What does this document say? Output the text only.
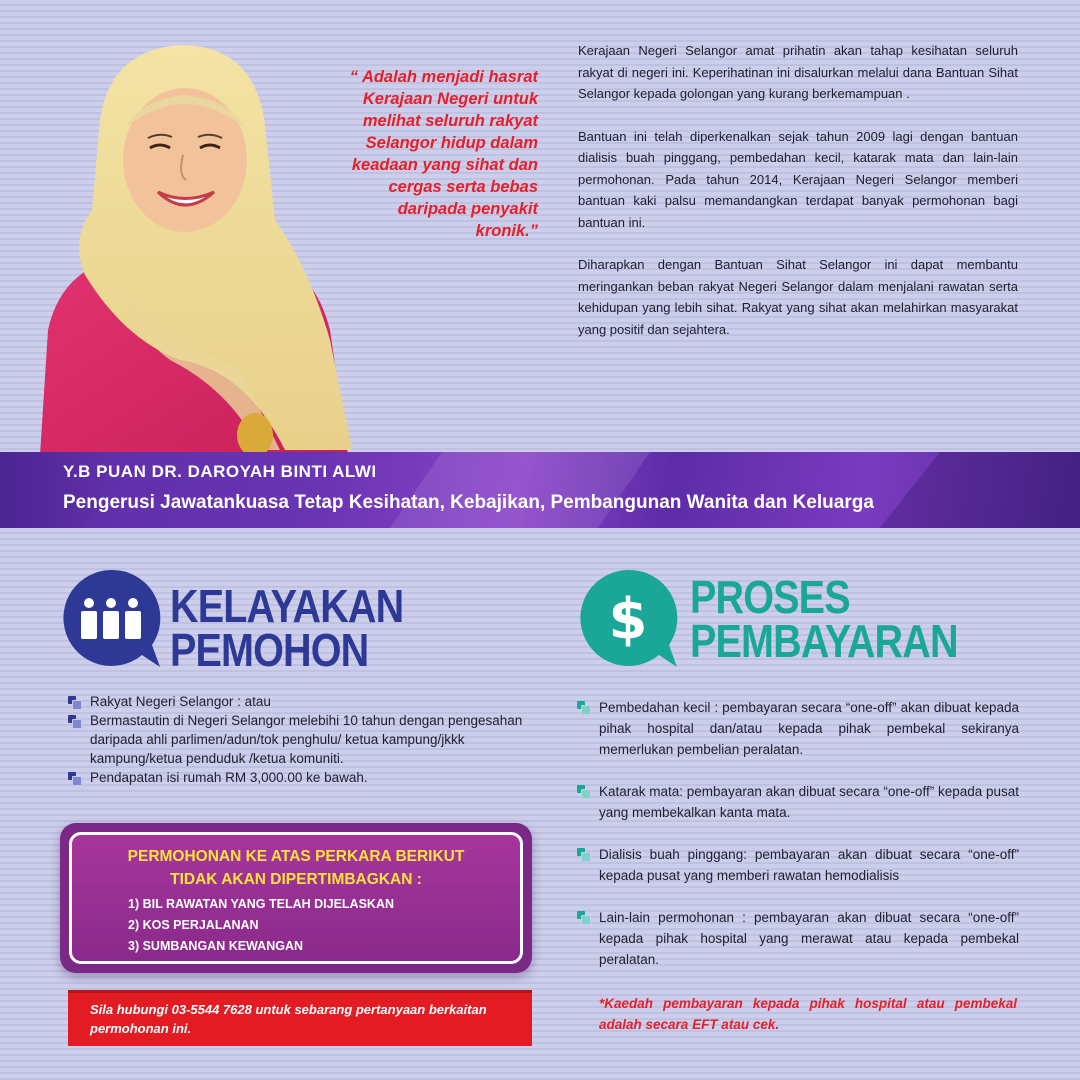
“ Adalah menjadi hasrat Kerajaan Negeri untuk melihat seluruh rakyat Selangor hidup dalam keadaan yang sihat dan cergas serta bebas daripada penyakit kronik.”

Kerajaan Negeri Selangor amat prihatin akan tahap kesihatan seluruh rakyat di negeri ini. Keperihatinan ini disalurkan melalui dana Bantuan Sihat Selangor kepada golongan yang kurang berkemampuan .

Bantuan ini telah diperkenalkan sejak tahun 2009 lagi dengan bantuan dialisis buah pinggang, pembedahan kecil, katarak mata dan lain-lain permohonan. Pada tahun 2014, Kerajaan Negeri Selangor memberi bantuan kaki palsu memandangkan terdapat banyak permohonan bagi bantuan ini.

Diharapkan dengan Bantuan Sihat Selangor ini dapat membantu meringankan beban rakyat Negeri Selangor dalam menjalani rawatan serta kehidupan yang lebih sihat. Rakyat yang sihat akan melahirkan masyarakat yang positif dan sejahtera.

Y.B PUAN DR. DAROYAH BINTI ALWI
Pengerusi Jawatankuasa Tetap Kesihatan, Kebajikan, Pembangunan Wanita dan Keluarga
KELAYAKAN
PEMOHON
Rakyat Negeri Selangor : atau
Bermastautin di Negeri Selangor melebihi 10 tahun dengan pengesahan daripada ahli parlimen/adun/tok penghulu/ ketua kampung/jkkk kampung/ketua penduduk /ketua komuniti.
Pendapatan isi rumah RM 3,000.00 ke bawah.
PERMOHONAN KE ATAS PERKARA BERIKUT
TIDAK AKAN DIPERTIMBAGKAN :
1) BIL RAWATAN YANG TELAH DIJELASKAN
2) KOS PERJALANAN
3) SUMBANGAN KEWANGAN
Sila hubungi 03-5544 7628 untuk sebarang pertanyaan berkaitan permohonan ini.
$ PROSES
PEMBAYARAN
Pembedahan kecil : pembayaran secara “one-off” akan dibuat kepada pihak hospital dan/atau kepada pihak pembekal sekiranya memerlukan pembelian peralatan.
Katarak mata: pembayaran akan dibuat secara “one-off” kepada pusat yang membekalkan kanta mata.
Dialisis buah pinggang: pembayaran akan dibuat secara “one-off” kepada pusat yang memberi rawatan hemodialisis
Lain-lain permohonan : pembayaran akan dibuat secara “one-off” kepada pihak hospital yang merawat atau kepada pembekal peralatan.
*Kaedah pembayaran kepada pihak hospital atau pembekal adalah secara EFT atau cek.
